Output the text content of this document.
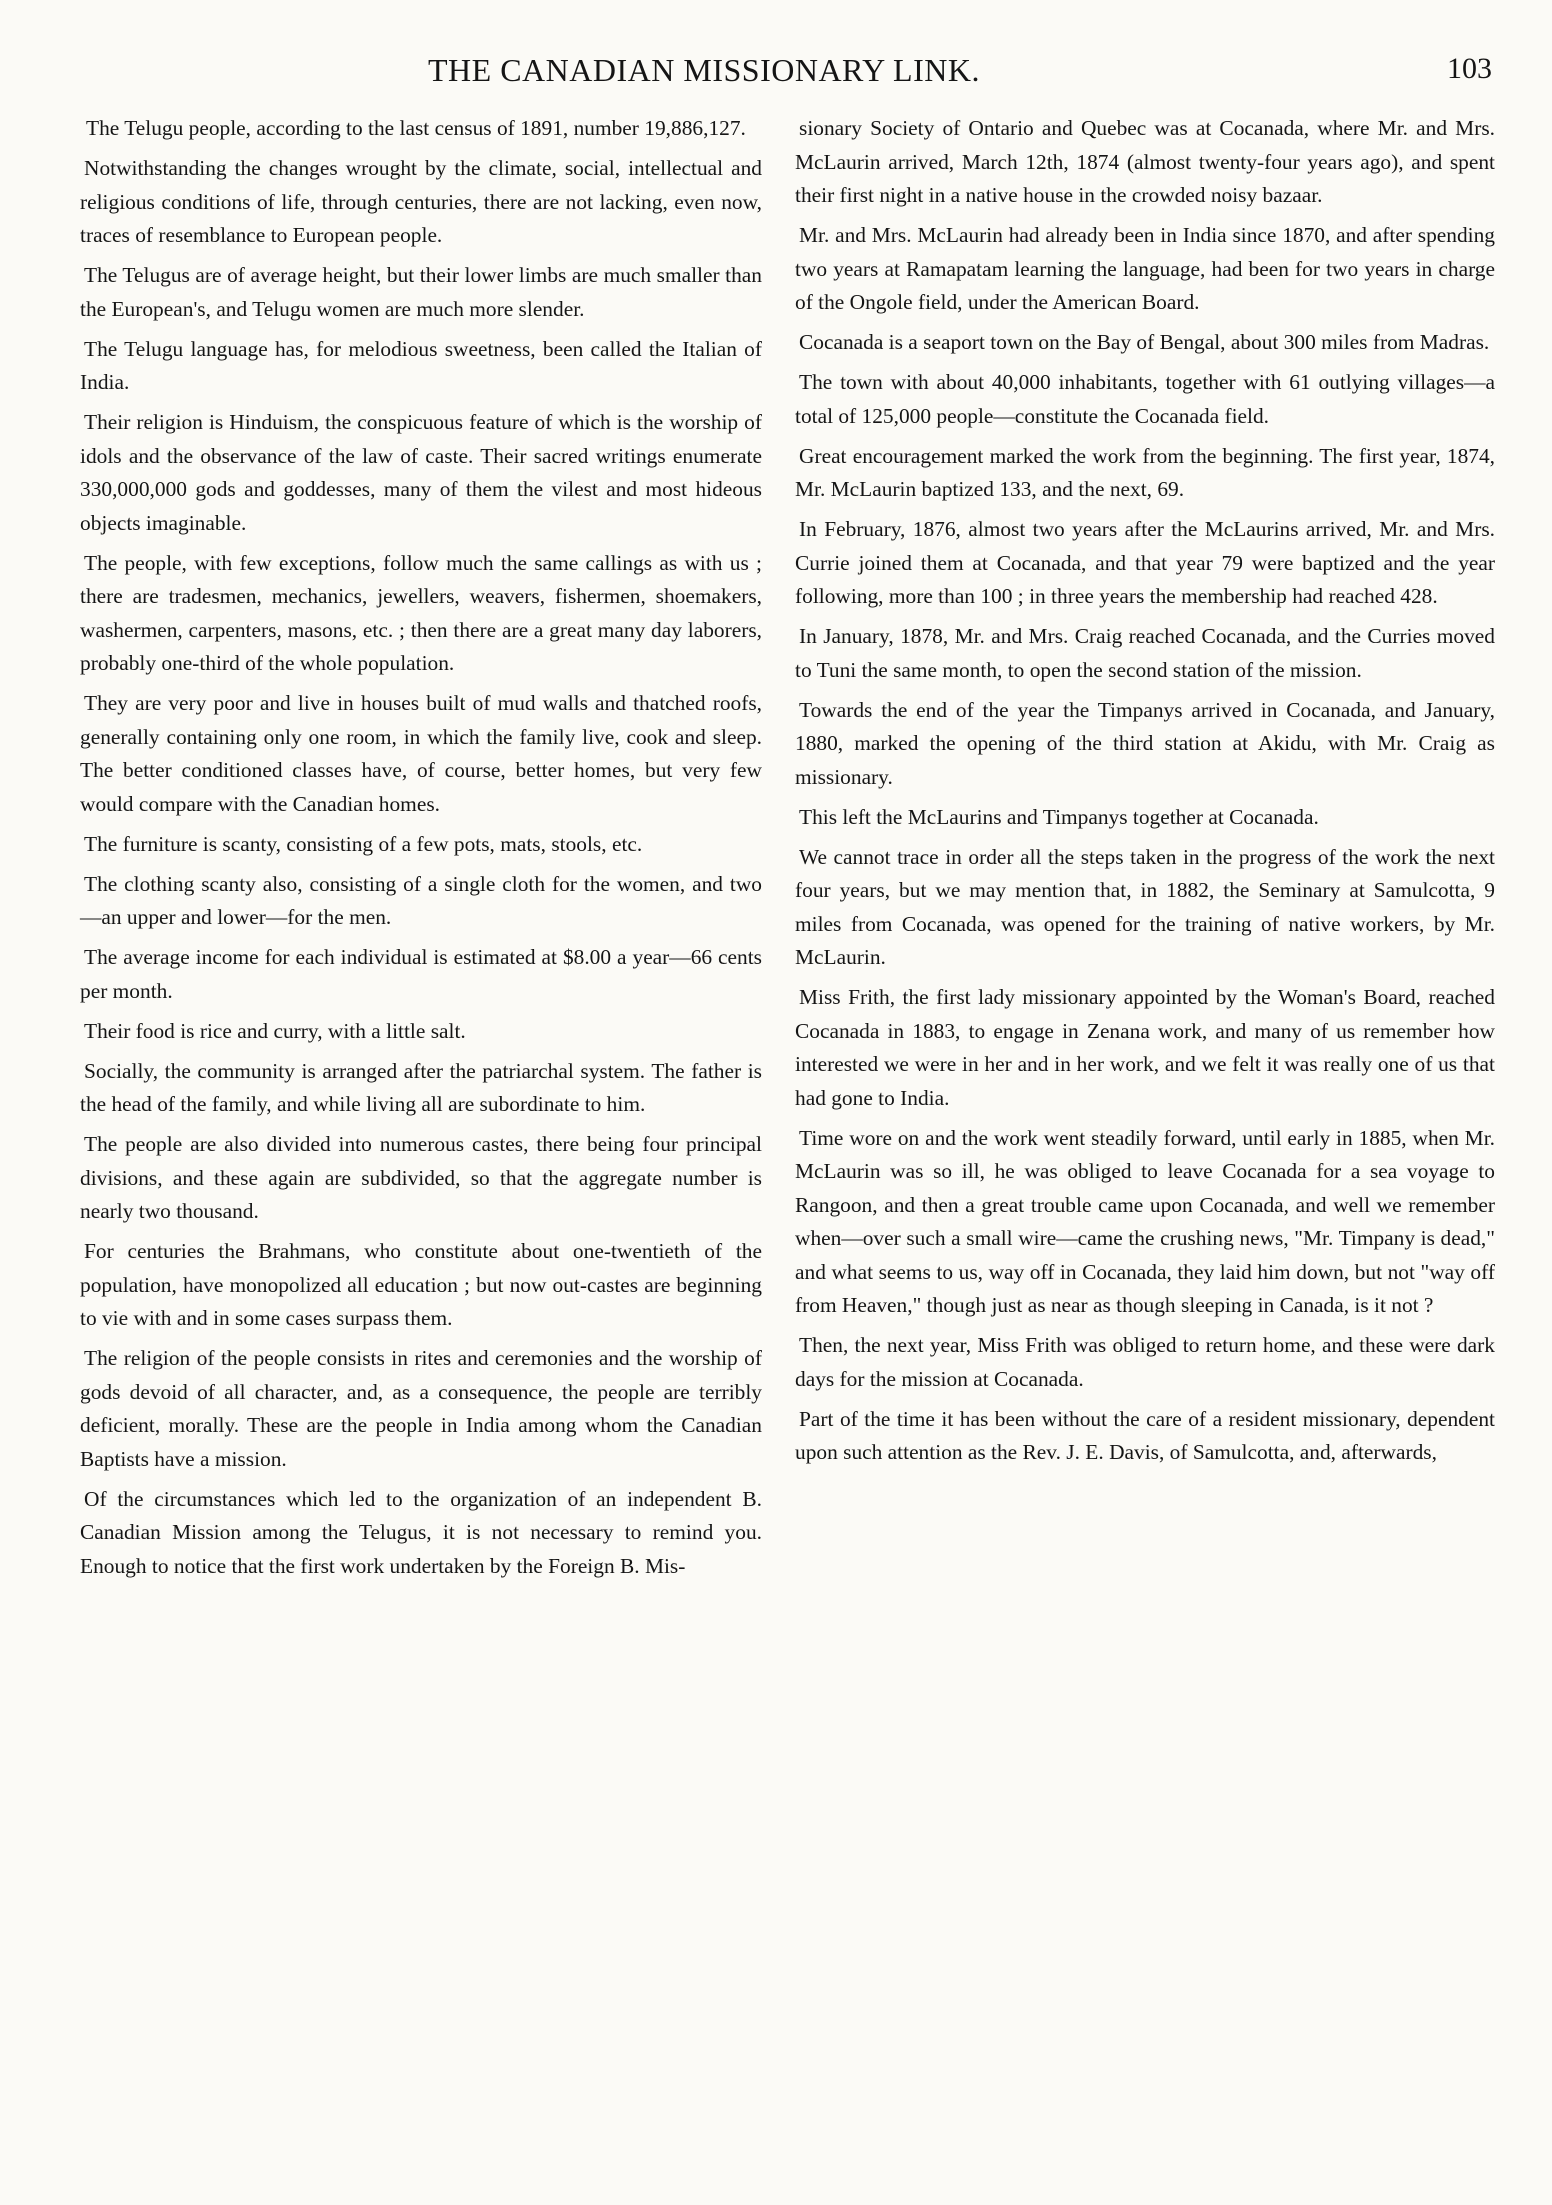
THE CANADIAN MISSIONARY LINK.	103

The Telugu people, according to the last census of 1891, number 19,886,127.

Notwithstanding the changes wrought by the climate, social, intellectual and religious conditions of life, through centuries, there are not lacking, even now, traces of resemblance to European people.

The Telugus are of average height, but their lower limbs are much smaller than the European's, and Telugu women are much more slender.

The Telugu language has, for melodious sweetness, been called the Italian of India.

Their religion is Hinduism, the conspicuous feature of which is the worship of idols and the observance of the law of caste. Their sacred writings enumerate 330,000,000 gods and goddesses, many of them the vilest and most hideous objects imaginable.

The people, with few exceptions, follow much the same callings as with us ; there are tradesmen, mechanics, jewellers, weavers, fishermen, shoemakers, washermen, carpenters, masons, etc. ; then there are a great many day laborers, probably one-third of the whole population.

They are very poor and live in houses built of mud walls and thatched roofs, generally containing only one room, in which the family live, cook and sleep. The better conditioned classes have, of course, better homes, but very few would compare with the Canadian homes.

The furniture is scanty, consisting of a few pots, mats, stools, etc.

The clothing scanty also, consisting of a single cloth for the women, and two—an upper and lower—for the men.

The average income for each individual is estimated at $8.00 a year—66 cents per month.

Their food is rice and curry, with a little salt.

Socially, the community is arranged after the patriarchal system. The father is the head of the family, and while living all are subordinate to him.

The people are also divided into numerous castes, there being four principal divisions, and these again are subdivided, so that the aggregate number is nearly two thousand.

For centuries the Brahmans, who constitute about one-twentieth of the population, have monopolized all education ; but now out-castes are beginning to vie with and in some cases surpass them.

The religion of the people consists in rites and ceremonies and the worship of gods devoid of all character, and, as a consequence, the people are terribly deficient, morally. These are the people in India among whom the Canadian Baptists have a mission.

Of the circumstances which led to the organization of an independent B. Canadian Mission among the Telugus, it is not necessary to remind you. Enough to notice that the first work undertaken by the Foreign B. Mis-

sionary Society of Ontario and Quebec was at Cocanada, where Mr. and Mrs. McLaurin arrived, March 12th, 1874 (almost twenty-four years ago), and spent their first night in a native house in the crowded noisy bazaar.

Mr. and Mrs. McLaurin had already been in India since 1870, and after spending two years at Ramapatam learning the language, had been for two years in charge of the Ongole field, under the American Board.

Cocanada is a seaport town on the Bay of Bengal, about 300 miles from Madras.

The town with about 40,000 inhabitants, together with 61 outlying villages—a total of 125,000 people—constitute the Cocanada field.

Great encouragement marked the work from the beginning. The first year, 1874, Mr. McLaurin baptized 133, and the next, 69.

In February, 1876, almost two years after the McLaurins arrived, Mr. and Mrs. Currie joined them at Cocanada, and that year 79 were baptized and the year following, more than 100 ; in three years the membership had reached 428.

In January, 1878, Mr. and Mrs. Craig reached Cocanada, and the Curries moved to Tuni the same month, to open the second station of the mission.

Towards the end of the year the Timpanys arrived in Cocanada, and January, 1880, marked the opening of the third station at Akidu, with Mr. Craig as missionary.

This left the McLaurins and Timpanys together at Cocanada.

We cannot trace in order all the steps taken in the progress of the work the next four years, but we may mention that, in 1882, the Seminary at Samulcotta, 9 miles from Cocanada, was opened for the training of native workers, by Mr. McLaurin.

Miss Frith, the first lady missionary appointed by the Woman's Board, reached Cocanada in 1883, to engage in Zenana work, and many of us remember how interested we were in her and in her work, and we felt it was really one of us that had gone to India.

Time wore on and the work went steadily forward, until early in 1885, when Mr. McLaurin was so ill, he was obliged to leave Cocanada for a sea voyage to Rangoon, and then a great trouble came upon Cocanada, and well we remember when—over such a small wire—came the crushing news, "Mr. Timpany is dead," and what seems to us, way off in Cocanada, they laid him down, but not "way off from Heaven," though just as near as though sleeping in Canada, is it not ?

Then, the next year, Miss Frith was obliged to return home, and these were dark days for the mission at Cocanada.

Part of the time it has been without the care of a resident missionary, dependent upon such attention as the Rev. J. E. Davis, of Samulcotta, and, afterwards,
